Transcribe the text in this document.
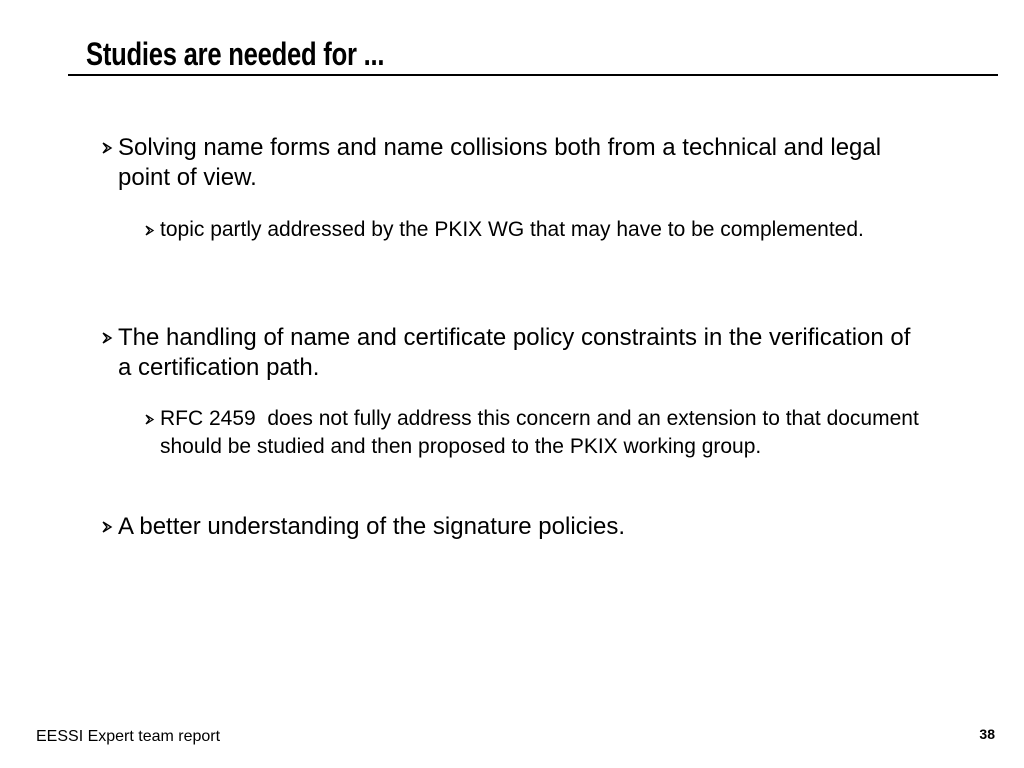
Studies are needed for ...
Solving name forms and name collisions both from a technical and legal point of view.
topic partly addressed by the PKIX WG that may have to be complemented.
The handling of name and certificate policy constraints in the verification of a certification path.
RFC 2459  does not fully address this concern and an extension to that document should be studied and then proposed to the PKIX working group.
A better understanding of the signature policies.
EESSI Expert team report	38
